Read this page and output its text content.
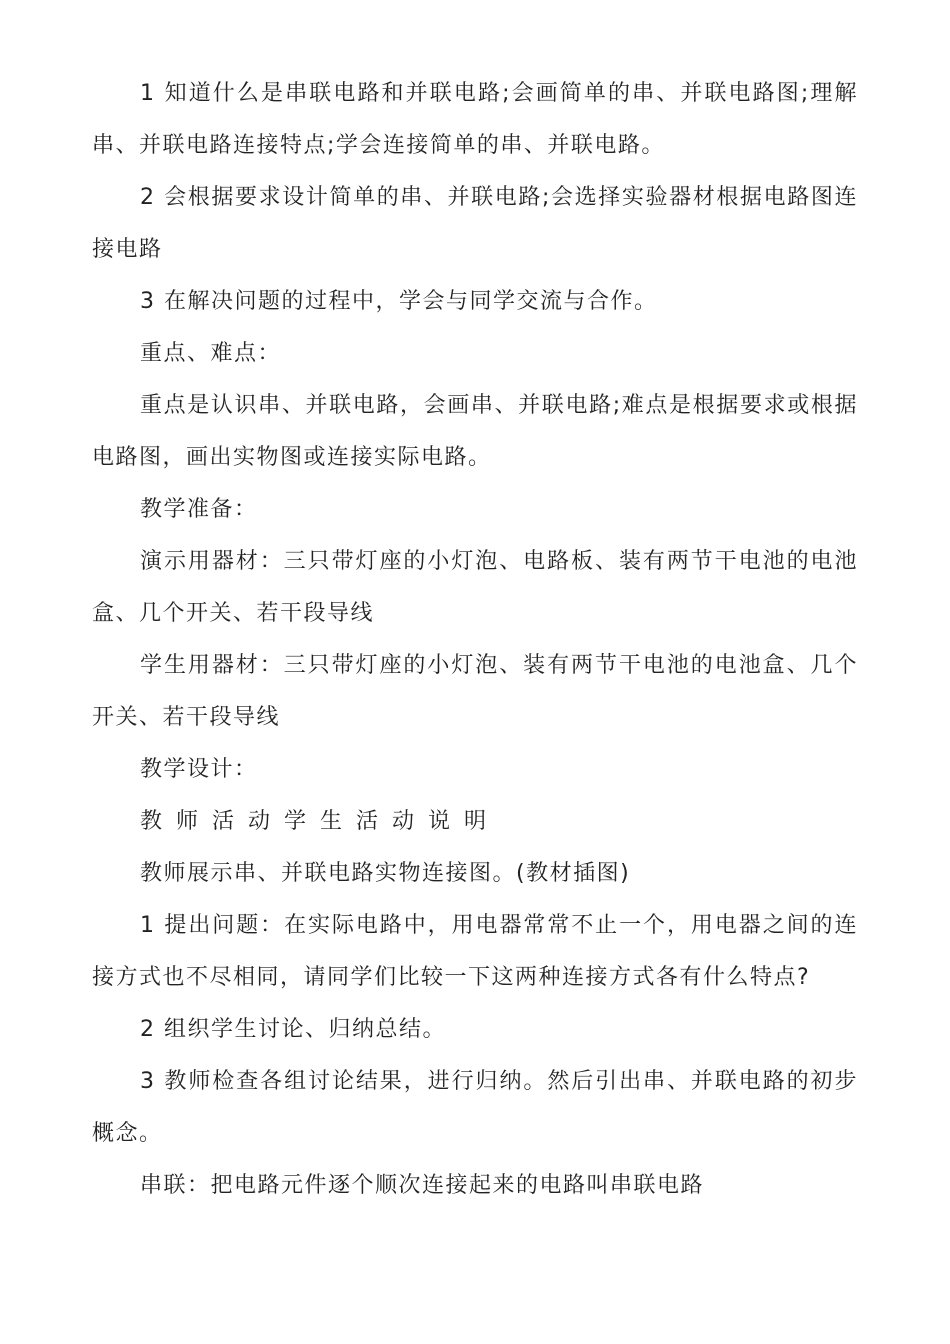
1 知道什么是串联电路和并联电路;会画简单的串、并联电路图;理解串、并联电路连接特点;学会连接简单的串、并联电路。

2 会根据要求设计简单的串、并联电路;会选择实验器材根据电路图连接电路

3 在解决问题的过程中，学会与同学交流与合作。

重点、难点：

重点是认识串、并联电路，会画串、并联电路;难点是根据要求或根据电路图，画出实物图或连接实际电路。

教学准备：

演示用器材：三只带灯座的小灯泡、电路板、装有两节干电池的电池盒、几个开关、若干段导线

学生用器材：三只带灯座的小灯泡、装有两节干电池的电池盒、几个开关、若干段导线

教学设计：

教师活动学生活动说明

教师展示串、并联电路实物连接图。(教材插图)

1 提出问题：在实际电路中，用电器常常不止一个，用电器之间的连接方式也不尽相同，请同学们比较一下这两种连接方式各有什么特点?

2 组织学生讨论、归纳总结。

3 教师检查各组讨论结果，进行归纳。然后引出串、并联电路的初步概念。

串联：把电路元件逐个顺次连接起来的电路叫串联电路
